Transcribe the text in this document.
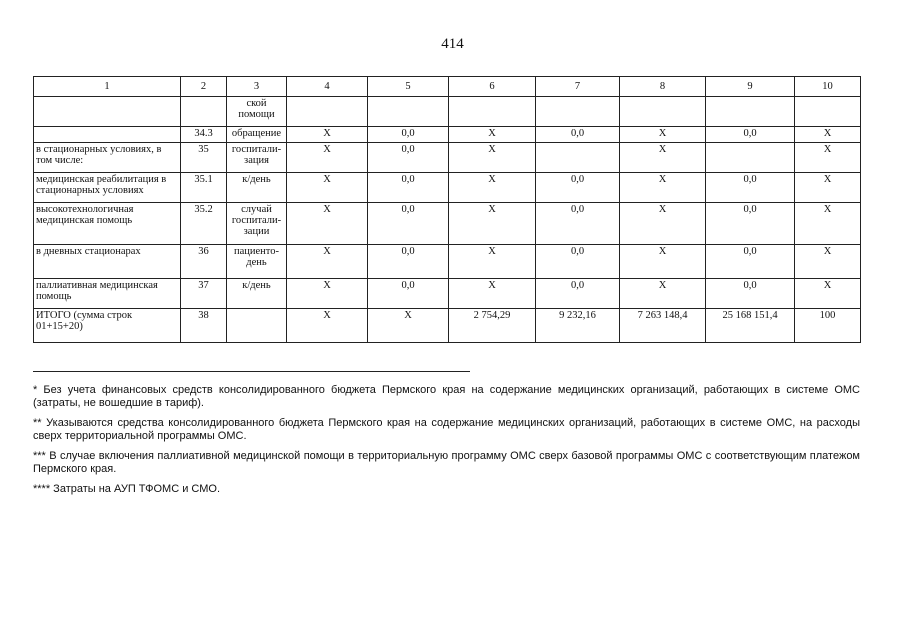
414
1	2	3	4	5	6	7	8	9	10
		ской помощи							
	34.3	обращение	X	0,0	X	0,0	X	0,0	X
в стационарных условиях, в том числе:	35	госпитали-зация	X	0,0	X		X		X
медицинская реабилитация в стационарных условиях	35.1	к/день	X	0,0	X	0,0	X	0,0	X
высокотехнологичная медицинская помощь	35.2	случай госпитали-зации	X	0,0	X	0,0	X	0,0	X
в дневных стационарах	36	пациенто-день	X	0,0	X	0,0	X	0,0	X
паллиативная медицинская помощь	37	к/день	X	0,0	X	0,0	X	0,0	X
ИТОГО (сумма строк 01+15+20)	38		X	X	2 754,29	9 232,16	7 263 148,4	25 168 151,4	100

* Без учета финансовых средств консолидированного бюджета Пермского края на содержание медицинских организаций, работающих в системе ОМС (затраты, не вошедшие в тариф).

** Указываются средства консолидированного бюджета Пермского края на содержание медицинских организаций, работающих в системе ОМС, на расходы сверх территориальной программы ОМС.

*** В случае включения паллиативной медицинской помощи в территориальную программу ОМС сверх базовой программы ОМС с соответствующим платежом Пермского края.

**** Затраты на АУП ТФОМС и СМО.
